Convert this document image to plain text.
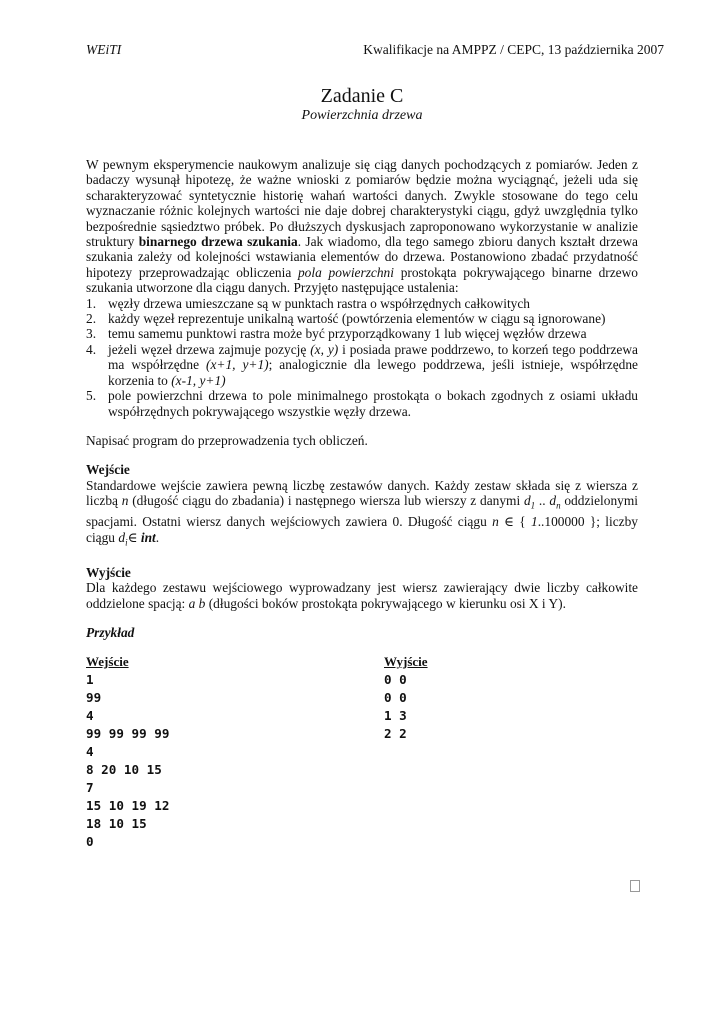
WEiTI	Kwalifikacje na AMPPZ / CEPC, 13 października 2007
Zadanie C
Powierzchnia drzewa

W pewnym eksperymencie naukowym analizuje się ciąg danych pochodzących z pomiarów. Jeden z badaczy wysunął hipotezę, że ważne wnioski z pomiarów będzie można wyciągnąć, jeżeli uda się scharakteryzować syntetycznie historię wahań wartości danych. Zwykle stosowane do tego celu wyznaczanie różnic kolejnych wartości nie daje dobrej charakterystyki ciągu, gdyż uwzględnia tylko bezpośrednie sąsiedztwo próbek. Po dłuższych dyskusjach zaproponowano wykorzystanie w analizie struktury binarnego drzewa szukania. Jak wiadomo, dla tego samego zbioru danych kształt drzewa szukania zależy od kolejności wstawiania elementów do drzewa. Postanowiono zbadać przydatność hipotezy przeprowadzając obliczenia pola powierzchni prostokąta pokrywającego binarne drzewo szukania utworzone dla ciągu danych. Przyjęto następujące ustalenia:

1. węzły drzewa umieszczane są w punktach rastra o współrzędnych całkowitych
2. każdy węzeł reprezentuje unikalną wartość (powtórzenia elementów w ciągu są ignorowane)
3. temu samemu punktowi rastra może być przyporządkowany 1 lub więcej węzłów drzewa
4. jeżeli węzeł drzewa zajmuje pozycję (x, y) i posiada prawe poddrzewo, to korzeń tego poddrzewa ma współrzędne (x+1, y+1); analogicznie dla lewego poddrzewa, jeśli istnieje, współrzędne korzenia to (x-1, y+1)
5. pole powierzchni drzewa to pole minimalnego prostokąta o bokach zgodnych z osiami układu współrzędnych pokrywającego wszystkie węzły drzewa.

Napisać program do przeprowadzenia tych obliczeń.

Wejście

Standardowe wejście zawiera pewną liczbę zestawów danych. Każdy zestaw składa się z wiersza z liczbą n (długość ciągu do zbadania) i następnego wiersza lub wierszy z danymi $d_1$ .. $d_n$ oddzielonymi spacjami. Ostatni wiersz danych wejściowych zawiera 0. Długość ciągu n ∈ { 1..100000 }; liczby ciągu $d_i\in$ int.

Wyjście

Dla każdego zestawu wejściowego wyprowadzany jest wiersz zawierający dwie liczby całkowite oddzielone spacją: a b (długości boków prostokąta pokrywającego w kierunku osi X i Y).

Przykład

Wejście
1
99
4
99 99 99 99
4
8 20 10 15
7
15 10 19 12
18 10 15
0
Wyjście
0 0
0 0
1 3
2 2
